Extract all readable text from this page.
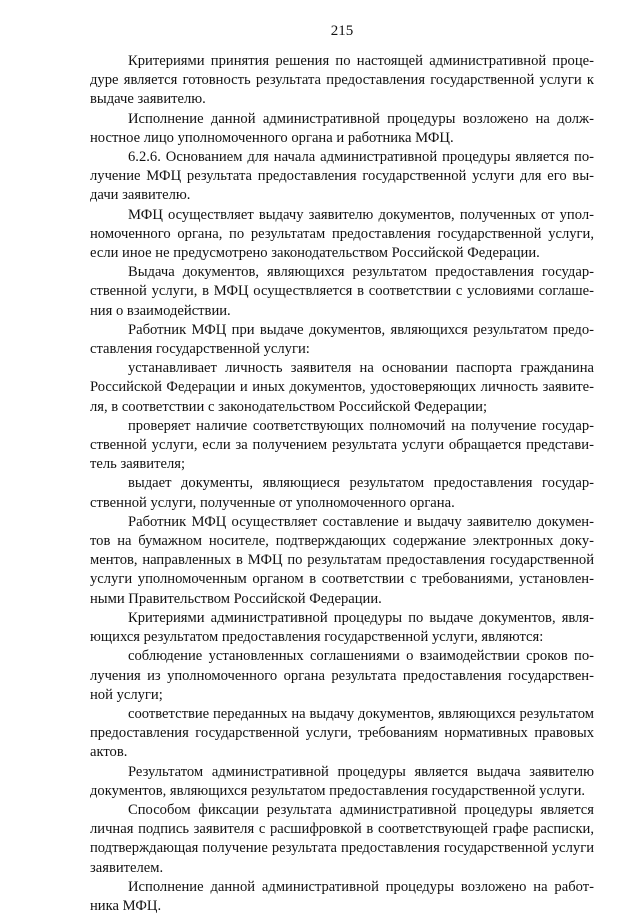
215

Критериями принятия решения по настоящей административной процедуре является готовность результата предоставления государственной услуги к выдаче заявителю.

Исполнение данной административной процедуры возложено на должностное лицо уполномоченного органа и работника МФЦ.

6.2.6. Основанием для начала административной процедуры является получение МФЦ результата предоставления государственной услуги для его выдачи заявителю.

МФЦ осуществляет выдачу заявителю документов, полученных от уполномоченного органа, по результатам предоставления государственной услуги, если иное не предусмотрено законодательством Российской Федерации.

Выдача документов, являющихся результатом предоставления государственной услуги, в МФЦ осуществляется в соответствии с условиями соглашения о взаимодействии.

Работник МФЦ при выдаче документов, являющихся результатом предоставления государственной услуги:

устанавливает личность заявителя на основании паспорта гражданина Российской Федерации и иных документов, удостоверяющих личность заявителя, в соответствии с законодательством Российской Федерации;

проверяет наличие соответствующих полномочий на получение государственной услуги, если за получением результата услуги обращается представитель заявителя;

выдает документы, являющиеся результатом предоставления государственной услуги, полученные от уполномоченного органа.

Работник МФЦ осуществляет составление и выдачу заявителю документов на бумажном носителе, подтверждающих содержание электронных документов, направленных в МФЦ по результатам предоставления государственной услуги уполномоченным органом в соответствии с требованиями, установленными Правительством Российской Федерации.

Критериями административной процедуры по выдаче документов, являющихся результатом предоставления государственной услуги, являются:

соблюдение установленных соглашениями о взаимодействии сроков получения из уполномоченного органа результата предоставления государственной услуги;

соответствие переданных на выдачу документов, являющихся результатом предоставления государственной услуги, требованиям нормативных правовых актов.

Результатом административной процедуры является выдача заявителю документов, являющихся результатом предоставления государственной услуги.

Способом фиксации результата административной процедуры является личная подпись заявителя с расшифровкой в соответствующей графе расписки, подтверждающая получение результата предоставления государственной услуги заявителем.

Исполнение данной административной процедуры возложено на работника МФЦ.
